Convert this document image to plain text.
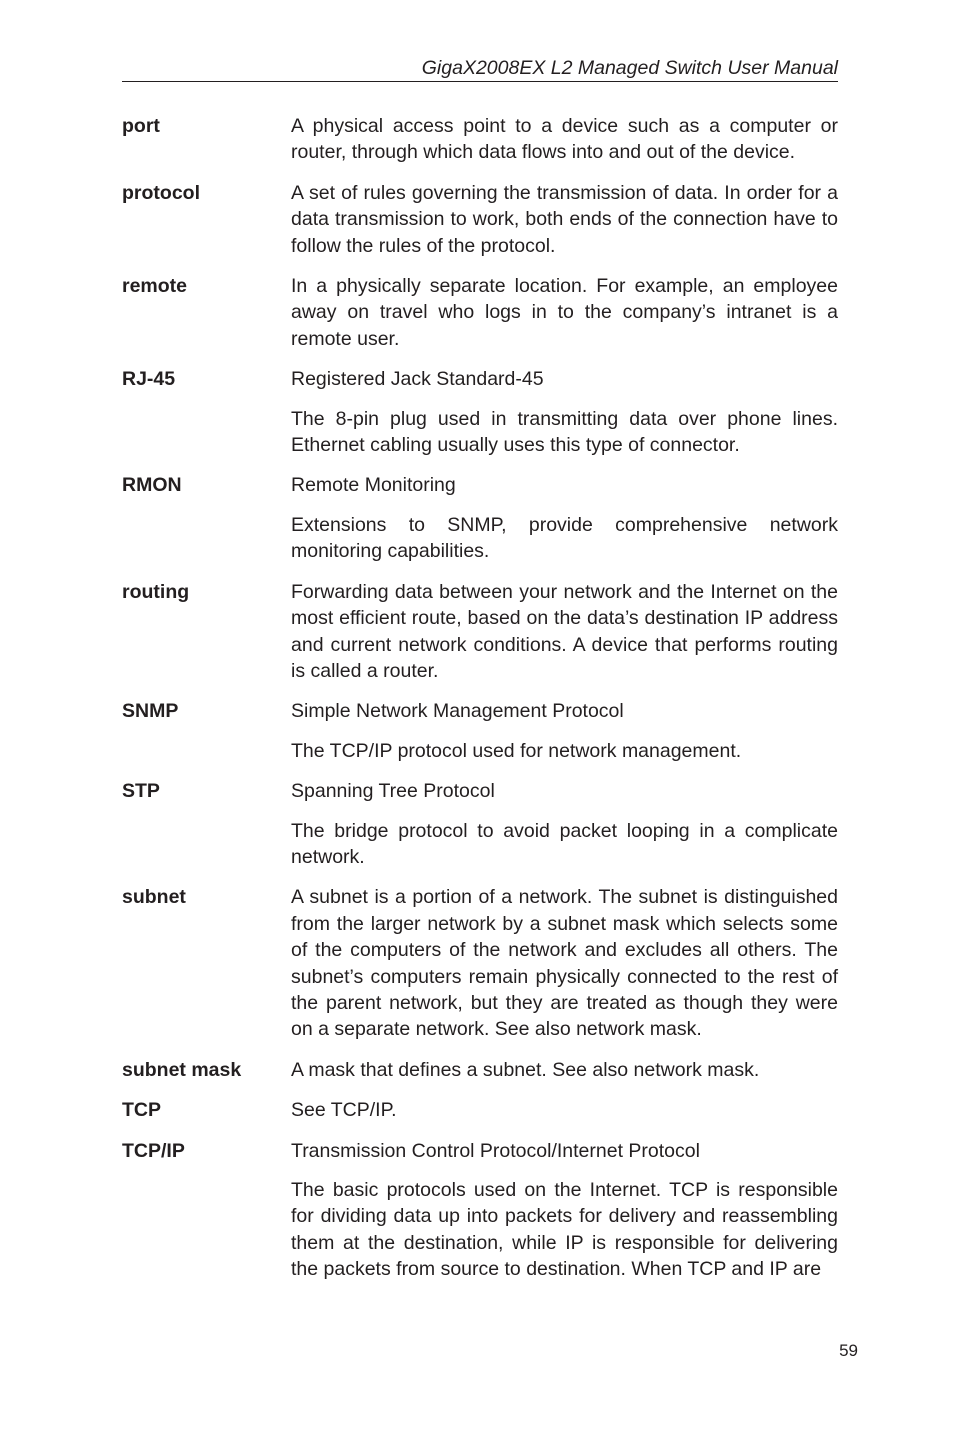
GigaX2008EX L2 Managed Switch User Manual
port	A physical access point to a device such as a computer or router, through which data flows into and out of the device.

protocol	A set of rules governing the transmission of data. In order for a data transmission to work, both ends of the connection have to follow the rules of the protocol.

remote	In a physically separate location. For example, an employee away on travel who logs in to the company’s intranet is a remote user.

RJ-45	Registered Jack Standard-45

The 8-pin plug used in transmitting data over phone lines. Ethernet cabling usually uses this type of connector.

RMON	Remote Monitoring

Extensions to SNMP, provide comprehensive network monitoring capabilities.

routing	Forwarding data between your network and the Internet on the most efficient route, based on the data’s destination IP address and current network conditions. A device that performs routing is called a router.

SNMP	Simple Network Management Protocol

The TCP/IP protocol used for network management.

STP	Spanning Tree Protocol

The bridge protocol to avoid packet looping in a complicate network.

subnet	A subnet is a portion of a network. The subnet is distinguished from the larger network by a subnet mask which selects some of the computers of the network and excludes all others. The subnet’s computers remain physically connected to the rest of the parent network, but they are treated as though they were on a separate network. See also network mask.

subnet mask	A mask that defines a subnet. See also network mask.

TCP	See TCP/IP.

TCP/IP	Transmission Control Protocol/Internet Protocol

The basic protocols used on the Internet. TCP is responsible for dividing data up into packets for delivery and reassembling them at the destination, while IP is responsible for delivering the packets from source to destination. When TCP and IP are

59
